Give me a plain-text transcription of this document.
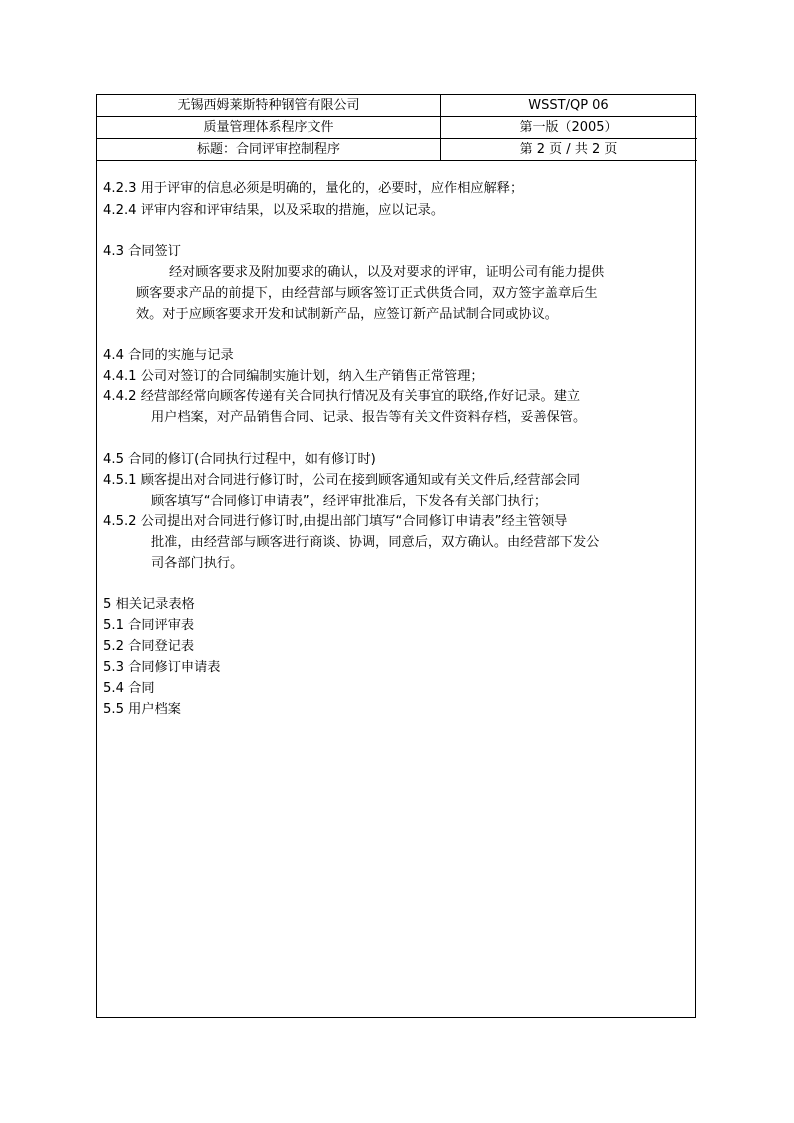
无锡西姆莱斯特种钢管有限公司	WSST/QP 06
质量管理体系程序文件	第一版（2005）
标题：合同评审控制程序	第 2 页 / 共 2 页
4.2.3 用于评审的信息必须是明确的，量化的，必要时，应作相应解释；
4.2.4 评审内容和评审结果，以及采取的措施，应以记录。
4.3 合同签订
经对顾客要求及附加要求的确认，以及对要求的评审，证明公司有能力提供
顾客要求产品的前提下，由经营部与顾客签订正式供货合同，双方签字盖章后生
效。对于应顾客要求开发和试制新产品，应签订新产品试制合同或协议。
4.4 合同的实施与记录
4.4.1 公司对签订的合同编制实施计划，纳入生产销售正常管理；
4.4.2 经营部经常向顾客传递有关合同执行情况及有关事宜的联络,作好记录。建立
用户档案，对产品销售合同、记录、报告等有关文件资料存档，妥善保管。
4.5 合同的修订(合同执行过程中，如有修订时)
4.5.1 顾客提出对合同进行修订时，公司在接到顾客通知或有关文件后,经营部会同
顾客填写“合同修订申请表”，经评审批准后，下发各有关部门执行；
4.5.2 公司提出对合同进行修订时,由提出部门填写“合同修订申请表”经主管领导
批准，由经营部与顾客进行商谈、协调，同意后，双方确认。由经营部下发公
司各部门执行。
5 相关记录表格
5.1 合同评审表
5.2 合同登记表
5.3 合同修订申请表
5.4 合同
5.5 用户档案
